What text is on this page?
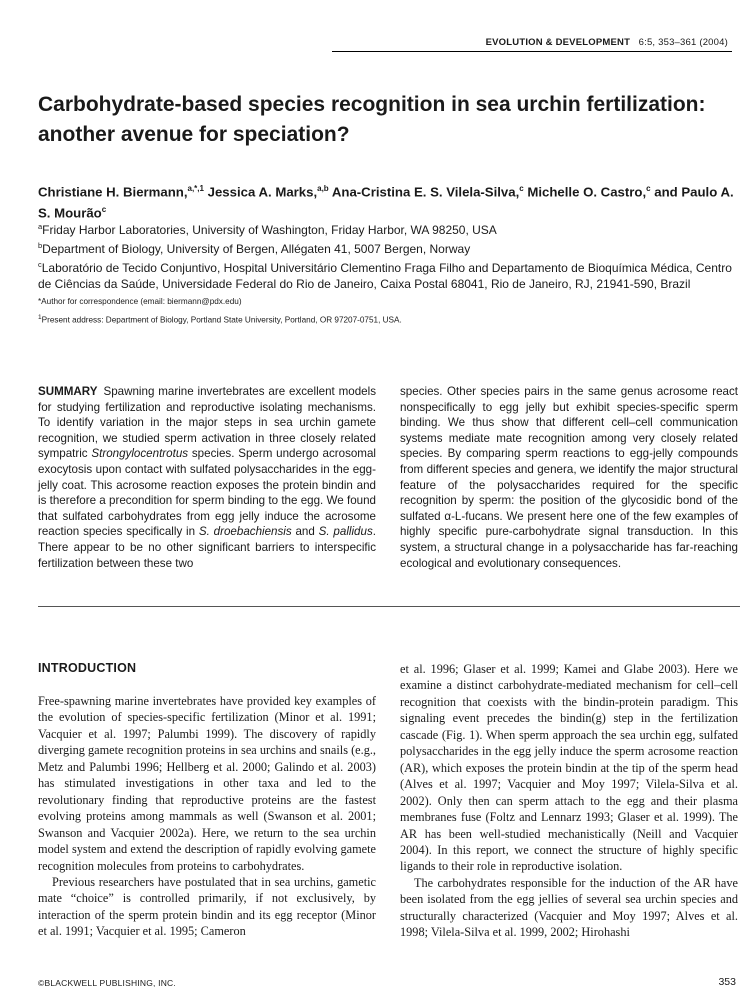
EVOLUTION & DEVELOPMENT 6:5, 353–361 (2004)
Carbohydrate-based species recognition in sea urchin fertilization: another avenue for speciation?
Christiane H. Biermann,$^{a,*,1}$ Jessica A. Marks,$^{a,b}$ Ana-Cristina E. S. Vilela-Silva,$^c$ Michelle O. Castro,$^c$ and Paulo A. S. Mourão$^c$
$^a$Friday Harbor Laboratories, University of Washington, Friday Harbor, WA 98250, USA
$^b$Department of Biology, University of Bergen, Allégaten 41, 5007 Bergen, Norway
$^c$Laboratório de Tecido Conjuntivo, Hospital Universitário Clementino Fraga Filho and Departamento de Bioquímica Médica, Centro de Ciências da Saúde, Universidade Federal do Rio de Janeiro, Caixa Postal 68041, Rio de Janeiro, RJ, 21941-590, Brazil
*Author for correspondence (email: biermann@pdx.edu)
$^1$Present address: Department of Biology, Portland State University, Portland, OR 97207-0751, USA.
SUMMARY Spawning marine invertebrates are excellent models for studying fertilization and reproductive isolating mechanisms. To identify variation in the major steps in sea urchin gamete recognition, we studied sperm activation in three closely related sympatric Strongylocentrotus species. Sperm undergo acrosomal exocytosis upon contact with sulfated polysaccharides in the egg-jelly coat. This acrosome reaction exposes the protein bindin and is therefore a precondition for sperm binding to the egg. We found that sulfated carbohydrates from egg jelly induce the acrosome reaction species specifically in S. droebachiensis and S. pallidus. There appear to be no other significant barriers to interspecific fertilization between these two
species. Other species pairs in the same genus acrosome react nonspecifically to egg jelly but exhibit species-specific sperm binding. We thus show that different cell–cell communication systems mediate mate recognition among very closely related species. By comparing sperm reactions to egg-jelly compounds from different species and genera, we identify the major structural feature of the polysaccharides required for the specific recognition by sperm: the position of the glycosidic bond of the sulfated α-L-fucans. We present here one of the few examples of highly specific pure-carbohydrate signal transduction. In this system, a structural change in a polysaccharide has far-reaching ecological and evolutionary consequences.
INTRODUCTION

Free-spawning marine invertebrates have provided key examples of the evolution of species-specific fertilization (Minor et al. 1991; Vacquier et al. 1997; Palumbi 1999). The discovery of rapidly diverging gamete recognition proteins in sea urchins and snails (e.g., Metz and Palumbi 1996; Hellberg et al. 2000; Galindo et al. 2003) has stimulated investigations in other taxa and led to the revolutionary finding that reproductive proteins are the fastest evolving proteins among mammals as well (Swanson et al. 2001; Swanson and Vacquier 2002a). Here, we return to the sea urchin model system and extend the description of rapidly evolving gamete recognition molecules from proteins to carbohydrates.

Previous researchers have postulated that in sea urchins, gametic mate “choice” is controlled primarily, if not exclusively, by interaction of the sperm protein bindin and its egg receptor (Minor et al. 1991; Vacquier et al. 1995; Cameron

et al. 1996; Glaser et al. 1999; Kamei and Glabe 2003). Here we examine a distinct carbohydrate-mediated mechanism for cell–cell recognition that coexists with the bindin-protein paradigm. This signaling event precedes the bindin(g) step in the fertilization cascade (Fig. 1). When sperm approach the sea urchin egg, sulfated polysaccharides in the egg jelly induce the sperm acrosome reaction (AR), which exposes the protein bindin at the tip of the sperm head (Alves et al. 1997; Vacquier and Moy 1997; Vilela-Silva et al. 2002). Only then can sperm attach to the egg and their plasma membranes fuse (Foltz and Lennarz 1993; Glaser et al. 1999). The AR has been well-studied mechanistically (Neill and Vacquier 2004). In this report, we connect the structure of highly specific ligands to their role in reproductive isolation.

The carbohydrates responsible for the induction of the AR have been isolated from the egg jellies of several sea urchin species and structurally characterized (Vacquier and Moy 1997; Alves et al. 1998; Vilela-Silva et al. 1999, 2002; Hirohashi

©BLACKWELL PUBLISHING, INC.	353
